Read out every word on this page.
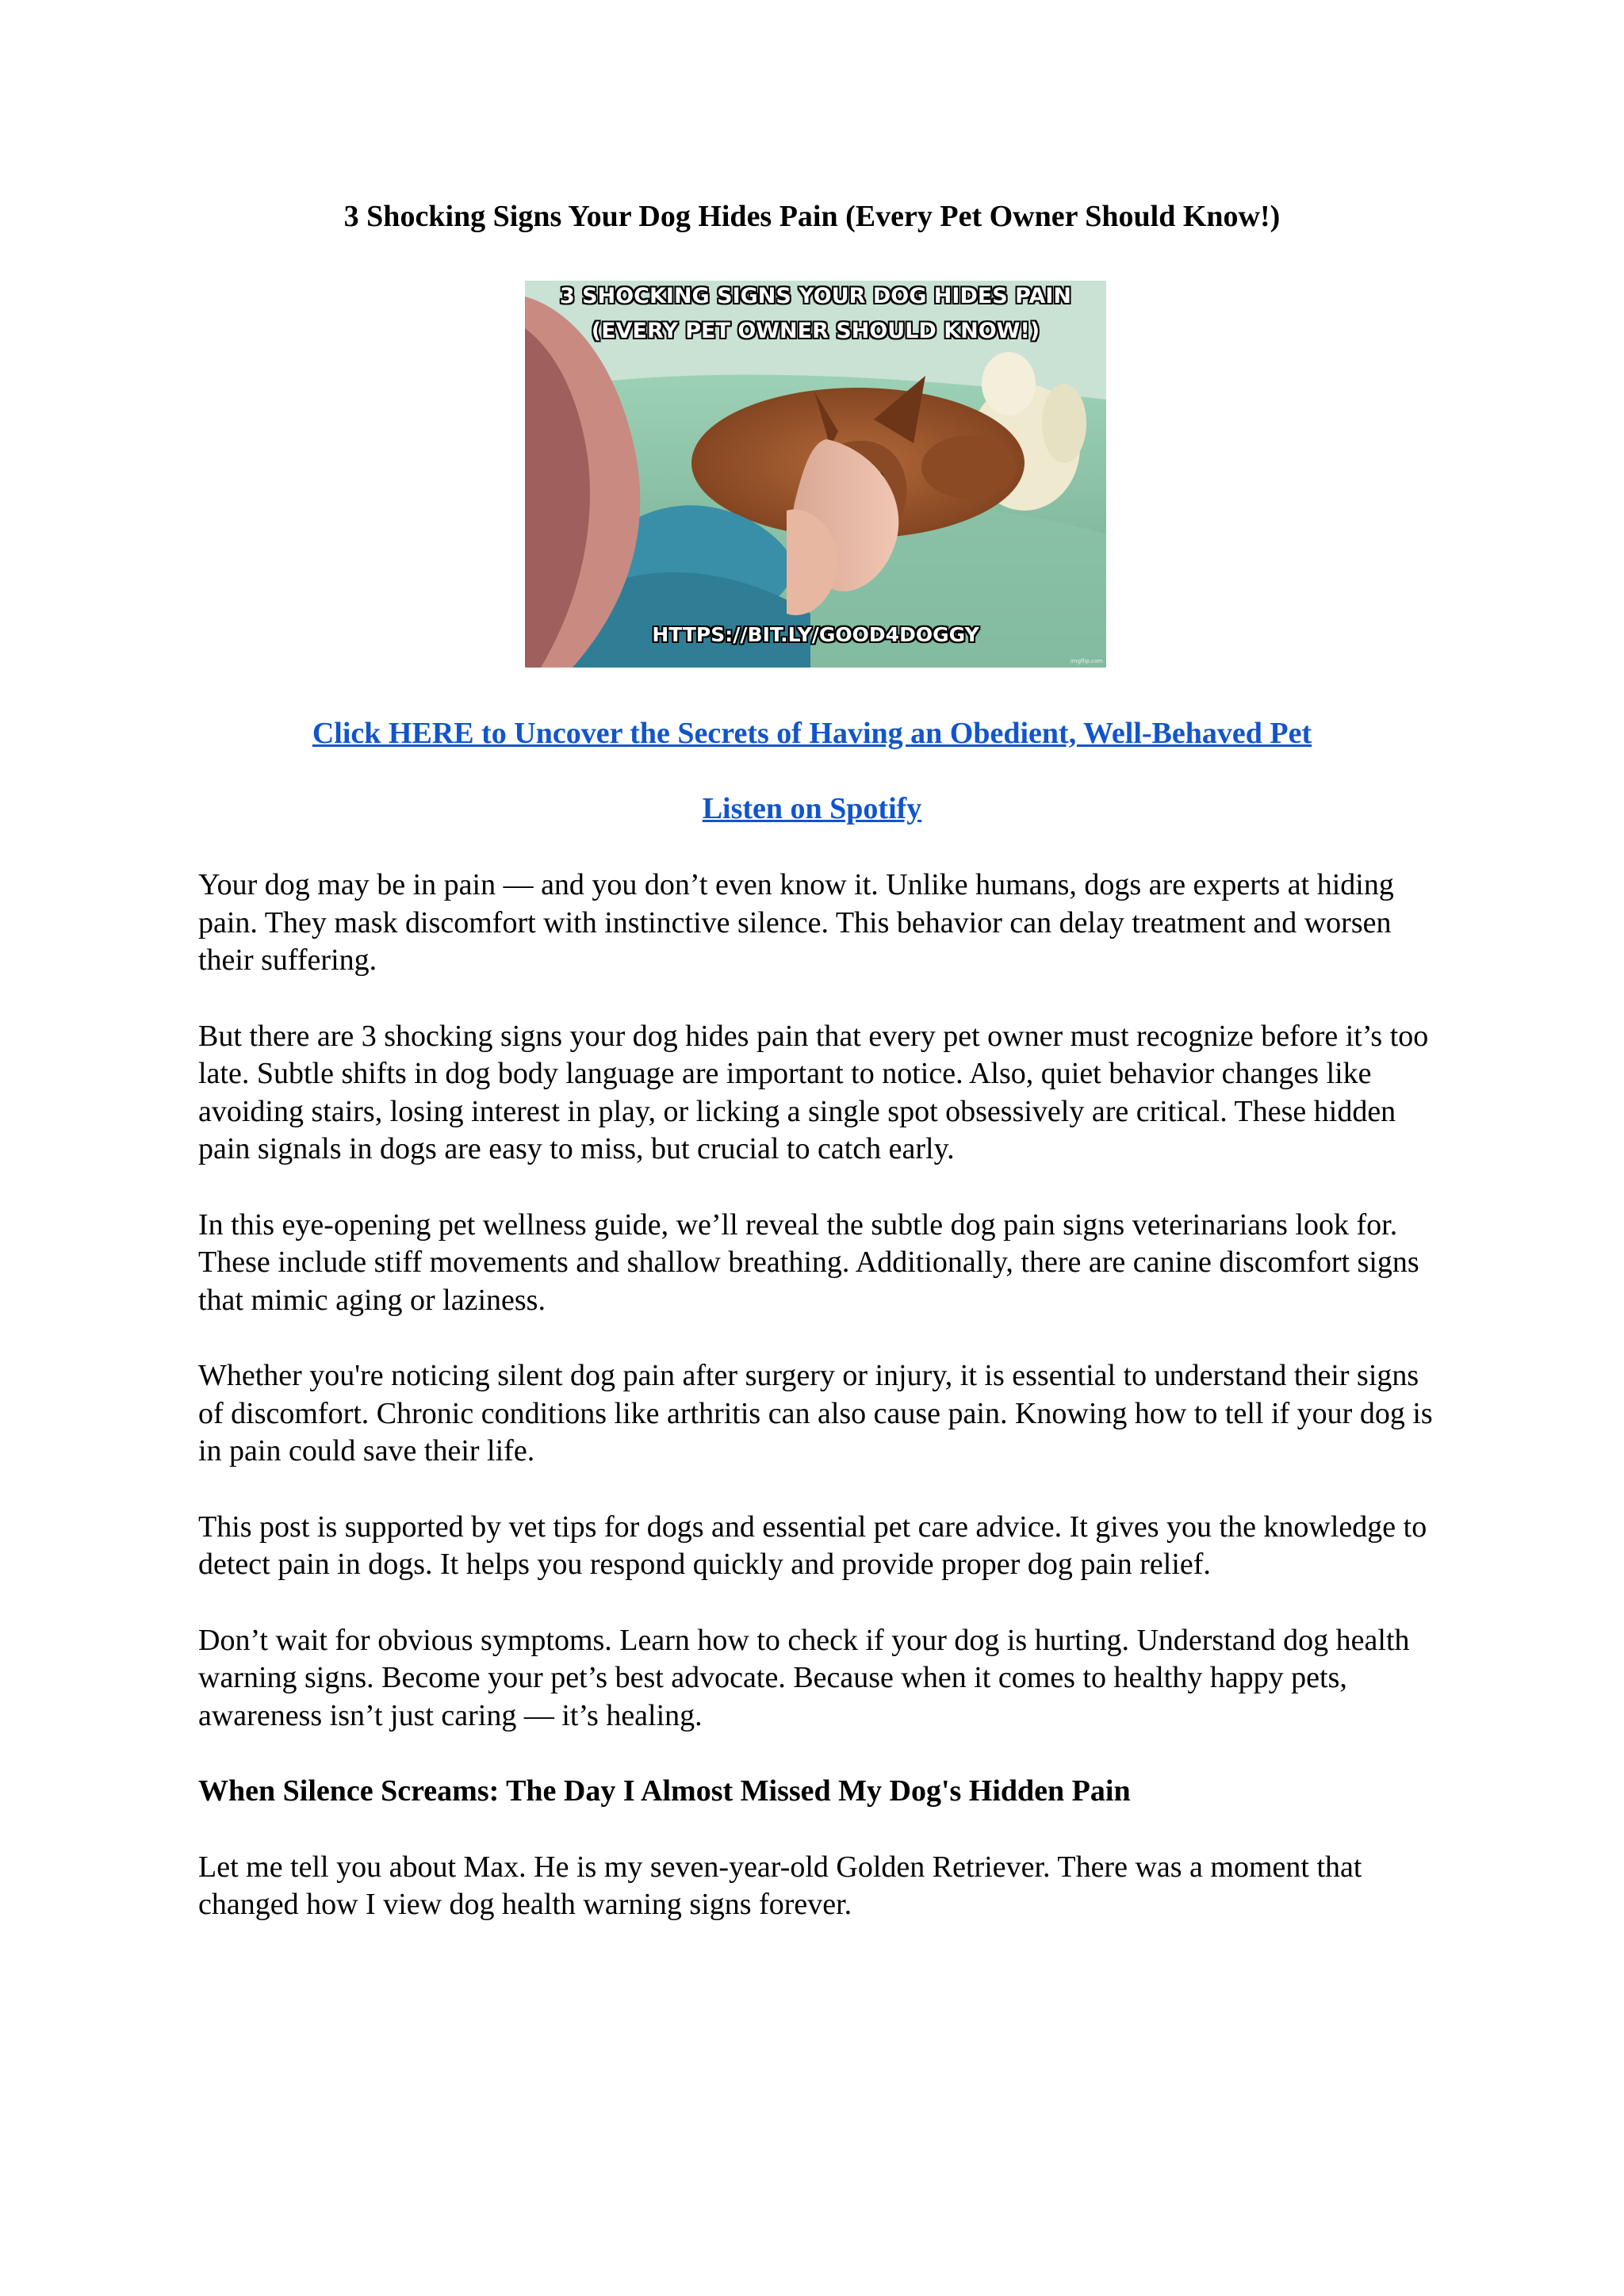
3 Shocking Signs Your Dog Hides Pain (Every Pet Owner Should Know!)
3 SHOCKING SIGNS YOUR DOG HIDES PAIN
(EVERY PET OWNER SHOULD KNOW!)
HTTPS://BIT.LY/GOOD4DOGGY
imgflip.com
Click HERE to Uncover the Secrets of Having an Obedient, Well-Behaved Pet
Listen on Spotify

Your dog may be in pain — and you don’t even know it. Unlike humans, dogs are experts at hiding pain. They mask discomfort with instinctive silence. This behavior can delay treatment and worsen their suffering.

But there are 3 shocking signs your dog hides pain that every pet owner must recognize before it’s too late. Subtle shifts in dog body language are important to notice. Also, quiet behavior changes like avoiding stairs, losing interest in play, or licking a single spot obsessively are critical. These hidden pain signals in dogs are easy to miss, but crucial to catch early.

In this eye-opening pet wellness guide, we’ll reveal the subtle dog pain signs veterinarians look for. These include stiff movements and shallow breathing. Additionally, there are canine discomfort signs that mimic aging or laziness.

Whether you're noticing silent dog pain after surgery or injury, it is essential to understand their signs of discomfort. Chronic conditions like arthritis can also cause pain. Knowing how to tell if your dog is in pain could save their life.

This post is supported by vet tips for dogs and essential pet care advice. It gives you the knowledge to detect pain in dogs. It helps you respond quickly and provide proper dog pain relief.

Don’t wait for obvious symptoms. Learn how to check if your dog is hurting. Understand dog health warning signs. Become your pet’s best advocate. Because when it comes to healthy happy pets, awareness isn’t just caring — it’s healing.

When Silence Screams: The Day I Almost Missed My Dog's Hidden Pain

Let me tell you about Max. He is my seven-year-old Golden Retriever. There was a moment that changed how I view dog health warning signs forever.
